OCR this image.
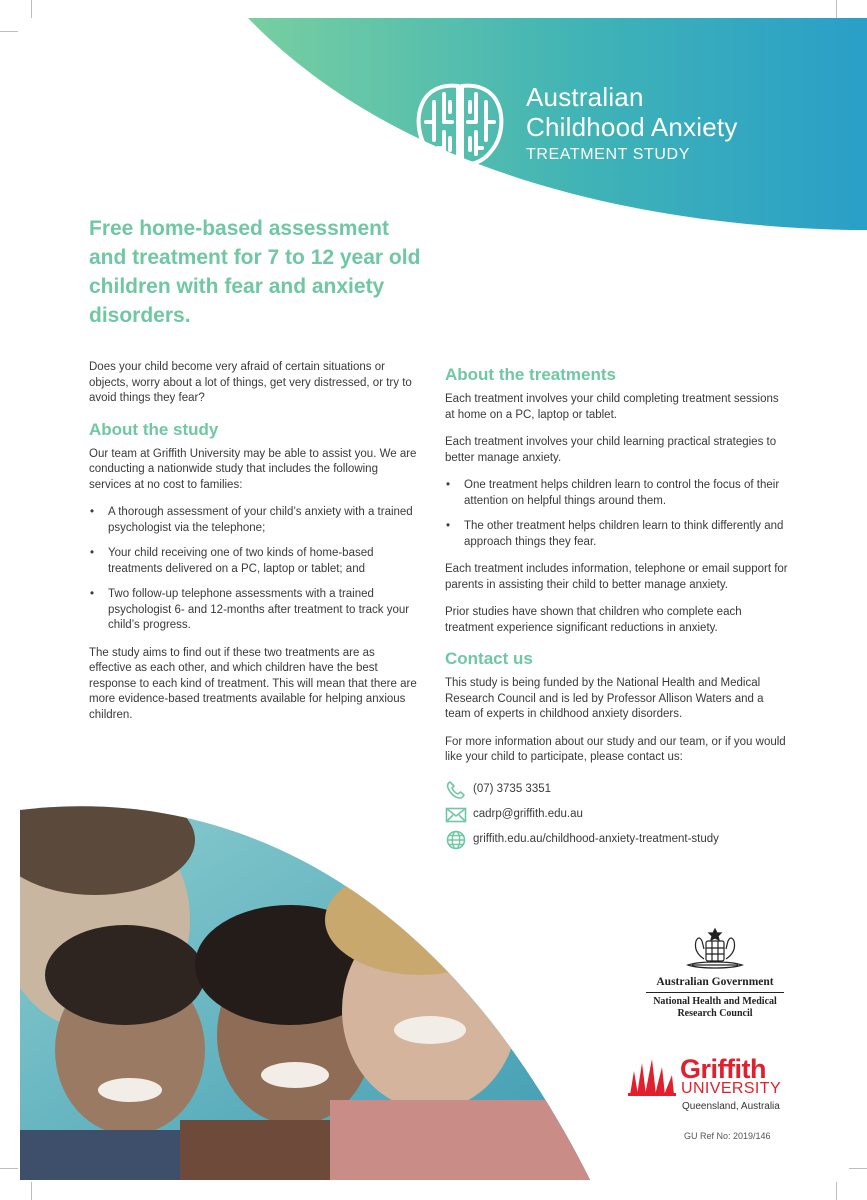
Australian
Childhood Anxiety
TREATMENT STUDY
Free home-based assessment and treatment for 7 to 12 year old children with fear and anxiety disorders.

Does your child become very afraid of certain situations or objects, worry about a lot of things, get very distressed, or try to avoid things they fear?

About the study

Our team at Griffith University may be able to assist you. We are conducting a nationwide study that includes the following services at no cost to families:

• A thorough assessment of your child’s anxiety with a trained psychologist via the telephone;
• Your child receiving one of two kinds of home-based treatments delivered on a PC, laptop or tablet; and
• Two follow-up telephone assessments with a trained psychologist 6- and 12-months after treatment to track your child’s progress.

The study aims to find out if these two treatments are as effective as each other, and which children have the best response to each kind of treatment. This will mean that there are more evidence-based treatments available for helping anxious children.

About the treatments

Each treatment involves your child completing treatment sessions at home on a PC, laptop or tablet.

Each treatment involves your child learning practical strategies to better manage anxiety.

• One treatment helps children learn to control the focus of their attention on helpful things around them.
• The other treatment helps children learn to think differently and approach things they fear.

Each treatment includes information, telephone or email support for parents in assisting their child to better manage anxiety.

Prior studies have shown that children who complete each treatment experience significant reductions in anxiety.

Contact us

This study is being funded by the National Health and Medical Research Council and is led by Professor Allison Waters and a team of experts in childhood anxiety disorders.

For more information about our study and our team, or if you would like your child to participate, please contact us:

(07) 3735 3351
cadrp@griffith.edu.au
griffith.edu.au/childhood-anxiety-treatment-study
Australian Government
National Health and Medical Research Council
Griffith
UNIVERSITY
Queensland, Australia
GU Ref No: 2019/146
